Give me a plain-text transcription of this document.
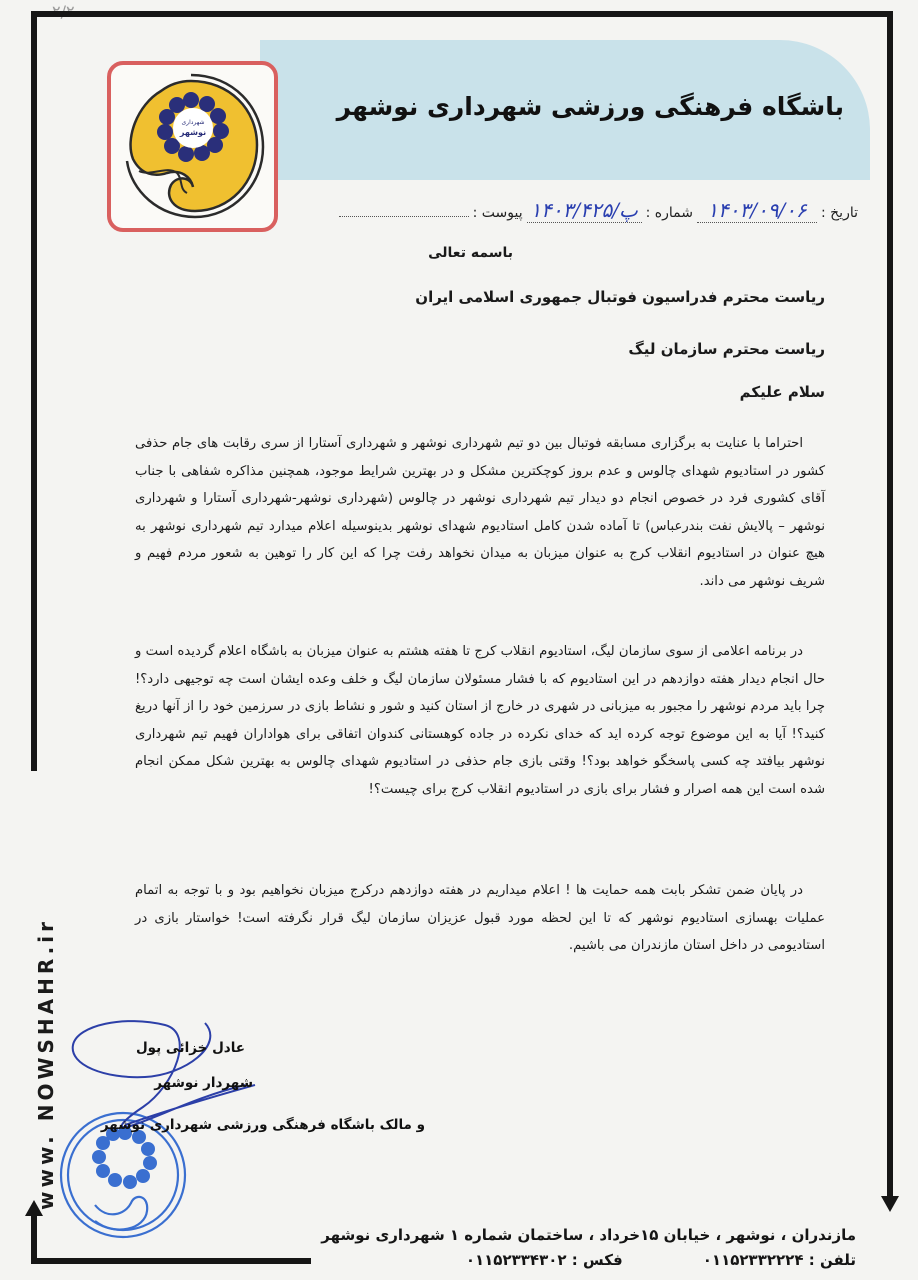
www. NOWSHAHR.ir
باشگاه فرهنگی ورزشی شهرداری نوشهر
شهرداری
نوشهر
تاریخ :
۱۴۰۳/۰۹/۰۶
شماره :
۱۴۰۳/۴۲۵/پ
پیوست :
باسمه تعالی
ریاست محترم فدراسیون فوتبال جمهوری اسلامی ایران
ریاست محترم سازمان لیگ
سلام علیکم
احتراما با عنایت به برگزاری مسابقه فوتبال بین دو تیم شهرداری نوشهر و شهرداری آستارا از سری رقابت های جام حذفی کشور در استادیوم شهدای چالوس و عدم بروز کوچکترین مشکل و در بهترین شرایط موجود، همچنین مذاکره شفاهی با جناب آقای کشوری فرد در خصوص انجام دو دیدار تیم شهرداری نوشهر در چالوس (شهرداری نوشهر-شهرداری آستارا و شهرداری نوشهر – پالایش نفت بندرعباس) تا آماده شدن کامل استادیوم شهدای نوشهر بدینوسیله اعلام میدارد تیم شهرداری نوشهر به هیچ عنوان در استادیوم انقلاب کرج به عنوان میزبان به میدان نخواهد رفت چرا که این کار را توهین به شعور مردم فهیم و شریف نوشهر می داند.
در برنامه اعلامی از سوی سازمان لیگ، استادیوم انقلاب کرج تا هفته هشتم به عنوان میزبان به باشگاه اعلام گردیده است و حال انجام دیدار هفته دوازدهم در این استادیوم که با فشار مسئولان سازمان لیگ و خلف وعده ایشان است چه توجیهی دارد؟! چرا باید مردم نوشهر را مجبور به میزبانی در شهری در خارج از استان کنید و شور و نشاط بازی در سرزمین خود را از آنها دریغ کنید؟! آیا به این موضوع توجه کرده اید که خدای نکرده در جاده کوهستانی کندوان اتفاقی برای هواداران فهیم تیم شهرداری نوشهر بیافتد چه کسی پاسخگو خواهد بود؟! وقتی بازی جام حذفی در استادیوم شهدای چالوس به بهترین شکل ممکن انجام شده است این همه اصرار و فشار برای بازی در استادیوم انقلاب کرج برای چیست؟!
در پایان ضمن تشکر بابت همه حمایت ها ! اعلام میداریم در هفته دوازدهم درکرج میزبان نخواهیم بود و با توجه به اتمام عملیات بهسازی استادیوم نوشهر که تا این لحظه مورد قبول عزیزان سازمان لیگ قرار نگرفته است! خواستار بازی در استادیومی در داخل استان مازندران می باشیم.
عادل خزائی پول
شهردار نوشهر
و مالک باشگاه فرهنگی ورزشی شهرداری نوشهر
مازندران ، نوشهر ، خیابان ۱۵خرداد ، ساختمان شماره ۱ شهرداری نوشهر
تلفن : ۰۱۱۵۲۳۳۲۲۲۴
فکس : ۰۱۱۵۲۳۳۴۳۰۲
